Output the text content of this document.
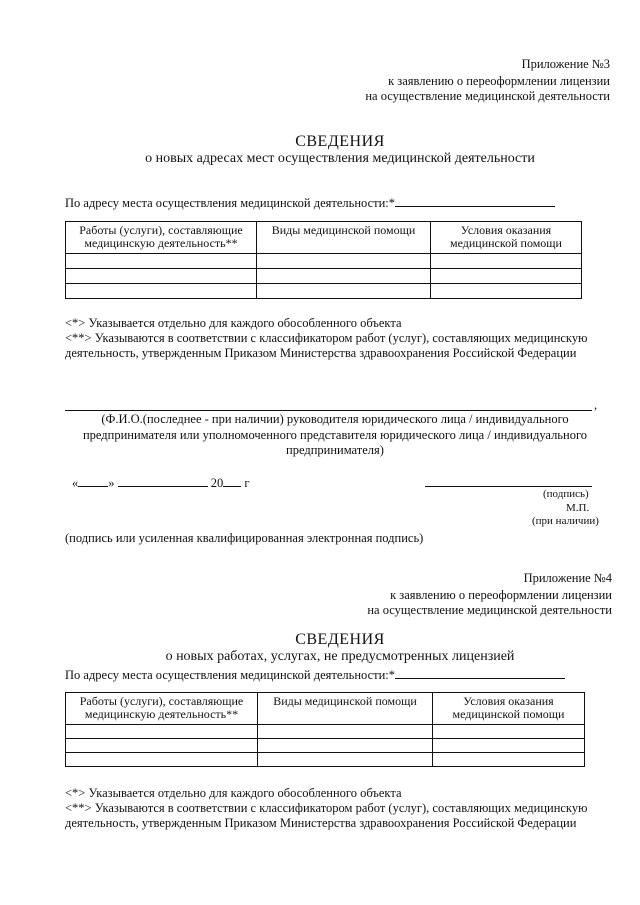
Приложение №3
к заявлению о переоформлении лицензии
на осуществление медицинской деятельности
СВЕДЕНИЯ
о новых адресах мест осуществления медицинской деятельности
По адресу места осуществления медицинской деятельности:*
Работы (услуги), составляющие медицинскую деятельность**	Виды медицинской помощи	Условия оказания медицинской помощи

<*> Указывается отдельно для каждого обособленного объекта
<**> Указываются в соответствии с классификатором работ (услуг), составляющих медицинскую
деятельность, утвержденным Приказом Министерства здравоохранения Российской Федерации
,
(Ф.И.О.(последнее - при наличии) руководителя юридического лица / индивидуального
предпринимателя или уполномоченного представителя юридического лица / индивидуального
предпринимателя)
« »	20 г
(подпись)
М.П.
(при наличии)
(подпись или усиленная квалифицированная электронная подпись)
Приложение №4
к заявлению о переоформлении лицензии
на осуществление медицинской деятельности
СВЕДЕНИЯ
о новых работах, услугах, не предусмотренных лицензией
По адресу места осуществления медицинской деятельности:*
Работы (услуги), составляющие медицинскую деятельность**	Виды медицинской помощи	Условия оказания медицинской помощи

<*> Указывается отдельно для каждого обособленного объекта
<**> Указываются в соответствии с классификатором работ (услуг), составляющих медицинскую
деятельность, утвержденным Приказом Министерства здравоохранения Российской Федерации
